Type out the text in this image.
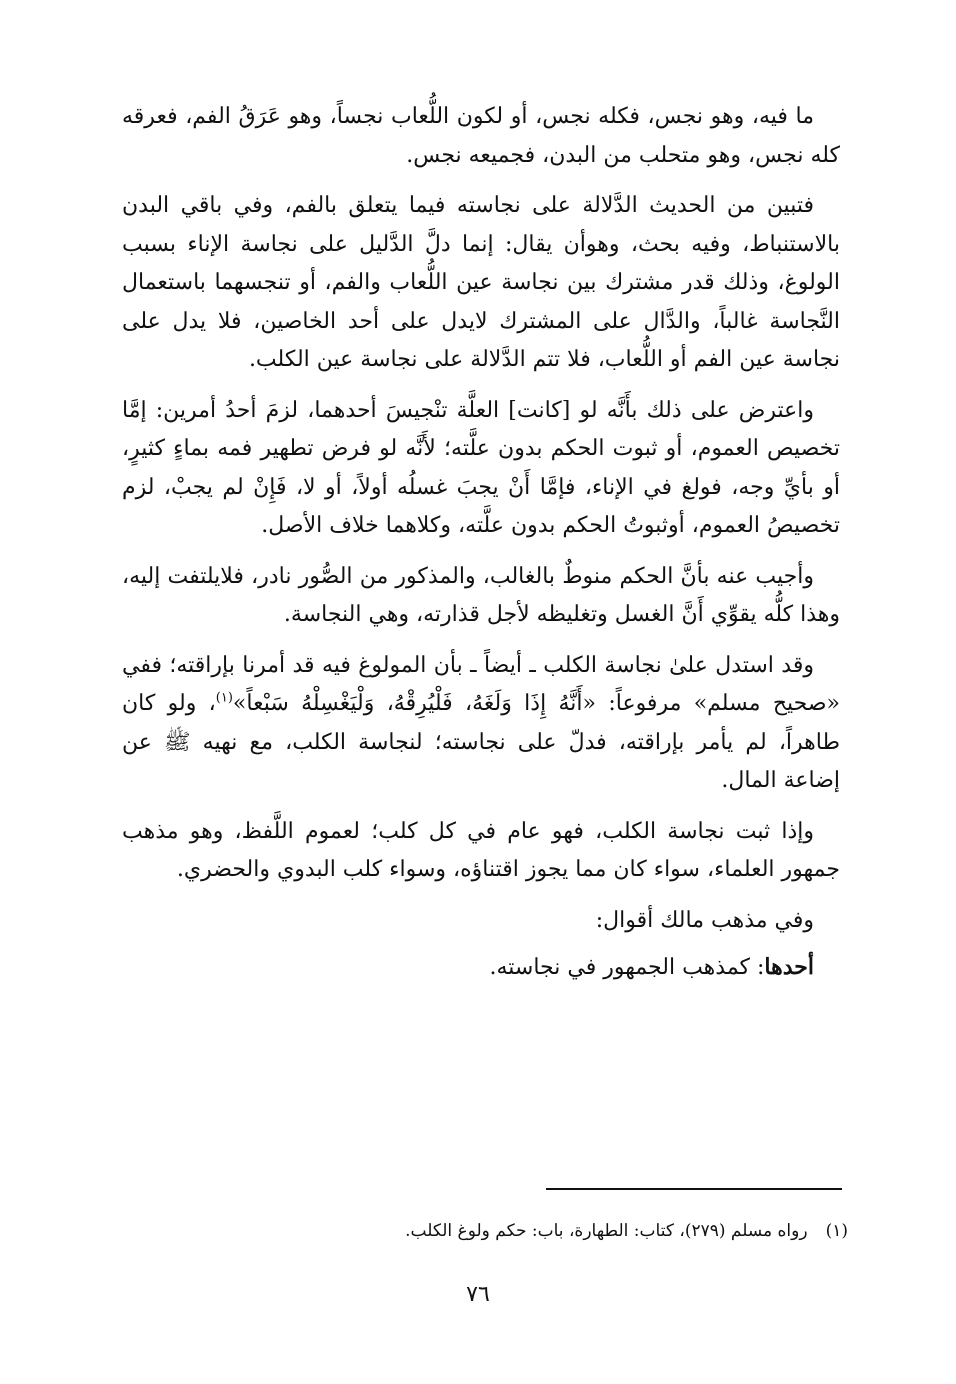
ما فيه، وهو نجس، فكله نجس، أو لكون اللُّعاب نجساً، وهو عَرَقُ الفم، فعرقه كله نجس، وهو متحلب من البدن، فجميعه نجس.

فتبين من الحديث الدَّلالة على نجاسته فيما يتعلق بالفم، وفي باقي البدن بالاستنباط، وفيه بحث، وهوأن يقال: إنما دلَّ الدَّليل على نجاسة الإناء بسبب الولوغ، وذلك قدر مشترك بين نجاسة عين اللُّعاب والفم، أو تنجسهما باستعمال النَّجاسة غالباً، والدَّال على المشترك لايدل على أحد الخاصين، فلا يدل على نجاسة عين الفم أو اللُّعاب، فلا تتم الدَّلالة على نجاسة عين الكلب.

واعترض على ذلك بأَنَّه لو [كانت] العلَّة تنْجيسَ أحدهما، لزمَ أحدُ أمرين: إمَّا تخصيص العموم، أو ثبوت الحكم بدون علَّته؛ لأَنَّه لو فرض تطهير فمه بماءٍ كثيرٍ، أو بأيِّ وجه، فولغ في الإناء، فإمَّا أَنْ يجبَ غسلُه أولاً، أو لا، فَإِنْ لم يجبْ، لزم تخصيصُ العموم، أوثبوتُ الحكم بدون علَّته، وكلاهما خلاف الأصل.

وأجيب عنه بأنَّ الحكم منوطٌ بالغالب، والمذكور من الصُّور نادر، فلايلتفت إليه، وهذا كلُّه يقوِّي أَنَّ الغسل وتغليظه لأجل قذارته، وهي النجاسة.

وقد استدل علىٰ نجاسة الكلب ـ أيضاً ـ بأن المولوغ فيه قد أمرنا بإراقته؛ ففي «صحيح مسلم» مرفوعاً: «أَنَّهُ إِذَا وَلَغَهُ، فَلْيُرِقْهُ، وَلْيَغْسِلْهُ سَبْعاً»$^{(١)}$، ولو كان طاهراً، لم يأمر بإراقته، فدلّ على نجاسته؛ لنجاسة الكلب، مع نهيه ﷺ عن إضاعة المال.

وإذا ثبت نجاسة الكلب، فهو عام في كل كلب؛ لعموم اللَّفظ، وهو مذهب جمهور العلماء، سواء كان مما يجوز اقتناؤه، وسواء كلب البدوي والحضري.

وفي مذهب مالك أقوال:

أحدها: كمذهب الجمهور في نجاسته.

(١)رواه مسلم (٢٧٩)، كتاب: الطهارة، باب: حكم ولوغ الكلب.
٧٦
